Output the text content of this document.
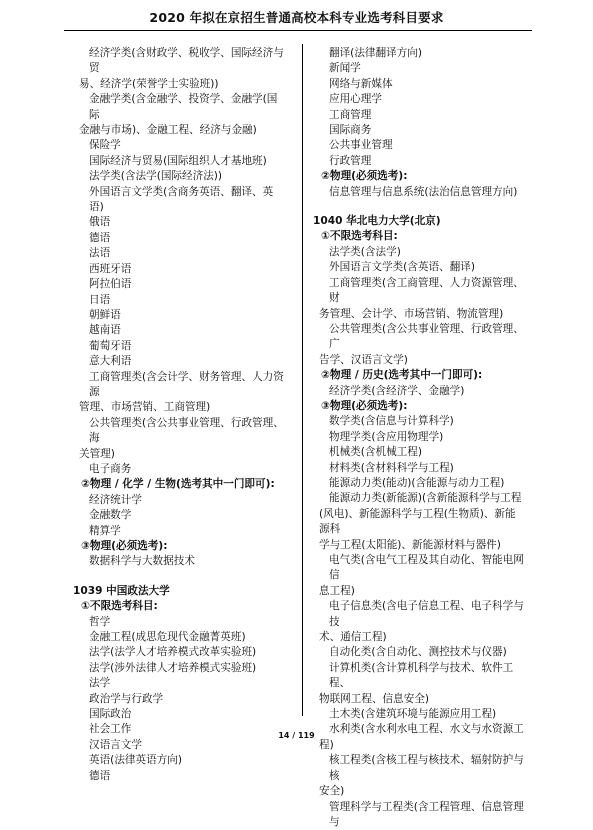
2020 年拟在京招生普通高校本科专业选考科目要求
经济学类(含财政学、税收学、国际经济与贸
易、经济学(荣誉学士实验班))
金融学类(含金融学、投资学、金融学(国际
金融与市场)、金融工程、经济与金融)
保险学
国际经济与贸易(国际组织人才基地班)
法学类(含法学(国际经济法))
外国语言文学类(含商务英语、翻译、英语)
俄语
德语
法语
西班牙语
阿拉伯语
日语
朝鲜语
越南语
葡萄牙语
意大利语
工商管理类(含会计学、财务管理、人力资源
管理、市场营销、工商管理)
公共管理类(含公共事业管理、行政管理、海
关管理)
电子商务
②物理 / 化学 / 生物(选考其中一门即可):
经济统计学
金融数学
精算学
③物理(必须选考):
数据科学与大数据技术
1039 中国政法大学
①不限选考科目:
哲学
金融工程(成思危现代金融菁英班)
法学(法学人才培养模式改革实验班)
法学(涉外法律人才培养模式实验班)
法学
政治学与行政学
国际政治
社会工作
汉语言文学
英语(法律英语方向)
德语
翻译(法律翻译方向)
新闻学
网络与新媒体
应用心理学
工商管理
国际商务
公共事业管理
行政管理
②物理(必须选考):
信息管理与信息系统(法治信息管理方向)
1040 华北电力大学(北京)
①不限选考科目:
法学类(含法学)
外国语言文学类(含英语、翻译)
工商管理类(含工商管理、人力资源管理、财
务管理、会计学、市场营销、物流管理)
公共管理类(含公共事业管理、行政管理、广
告学、汉语言文学)
②物理 / 历史(选考其中一门即可):
经济学类(含经济学、金融学)
③物理(必须选考):
数学类(含信息与计算科学)
物理学类(含应用物理学)
机械类(含机械工程)
材料类(含材料科学与工程)
能源动力类(能动)(含能源与动力工程)
能源动力类(新能源)(含新能源科学与工程
(风电)、新能源科学与工程(生物质)、新能源科
学与工程(太阳能)、新能源材料与器件)
电气类(含电气工程及其自动化、智能电网信
息工程)
电子信息类(含电子信息工程、电子科学与技
术、通信工程)
自动化类(含自动化、测控技术与仪器)
计算机类(含计算机科学与技术、软件工程、
物联网工程、信息安全)
土木类(含建筑环境与能源应用工程)
水利类(含水利水电工程、水文与水资源工
程)
核工程类(含核工程与核技术、辐射防护与核
安全)
管理科学与工程类(含工程管理、信息管理与
14 / 119
